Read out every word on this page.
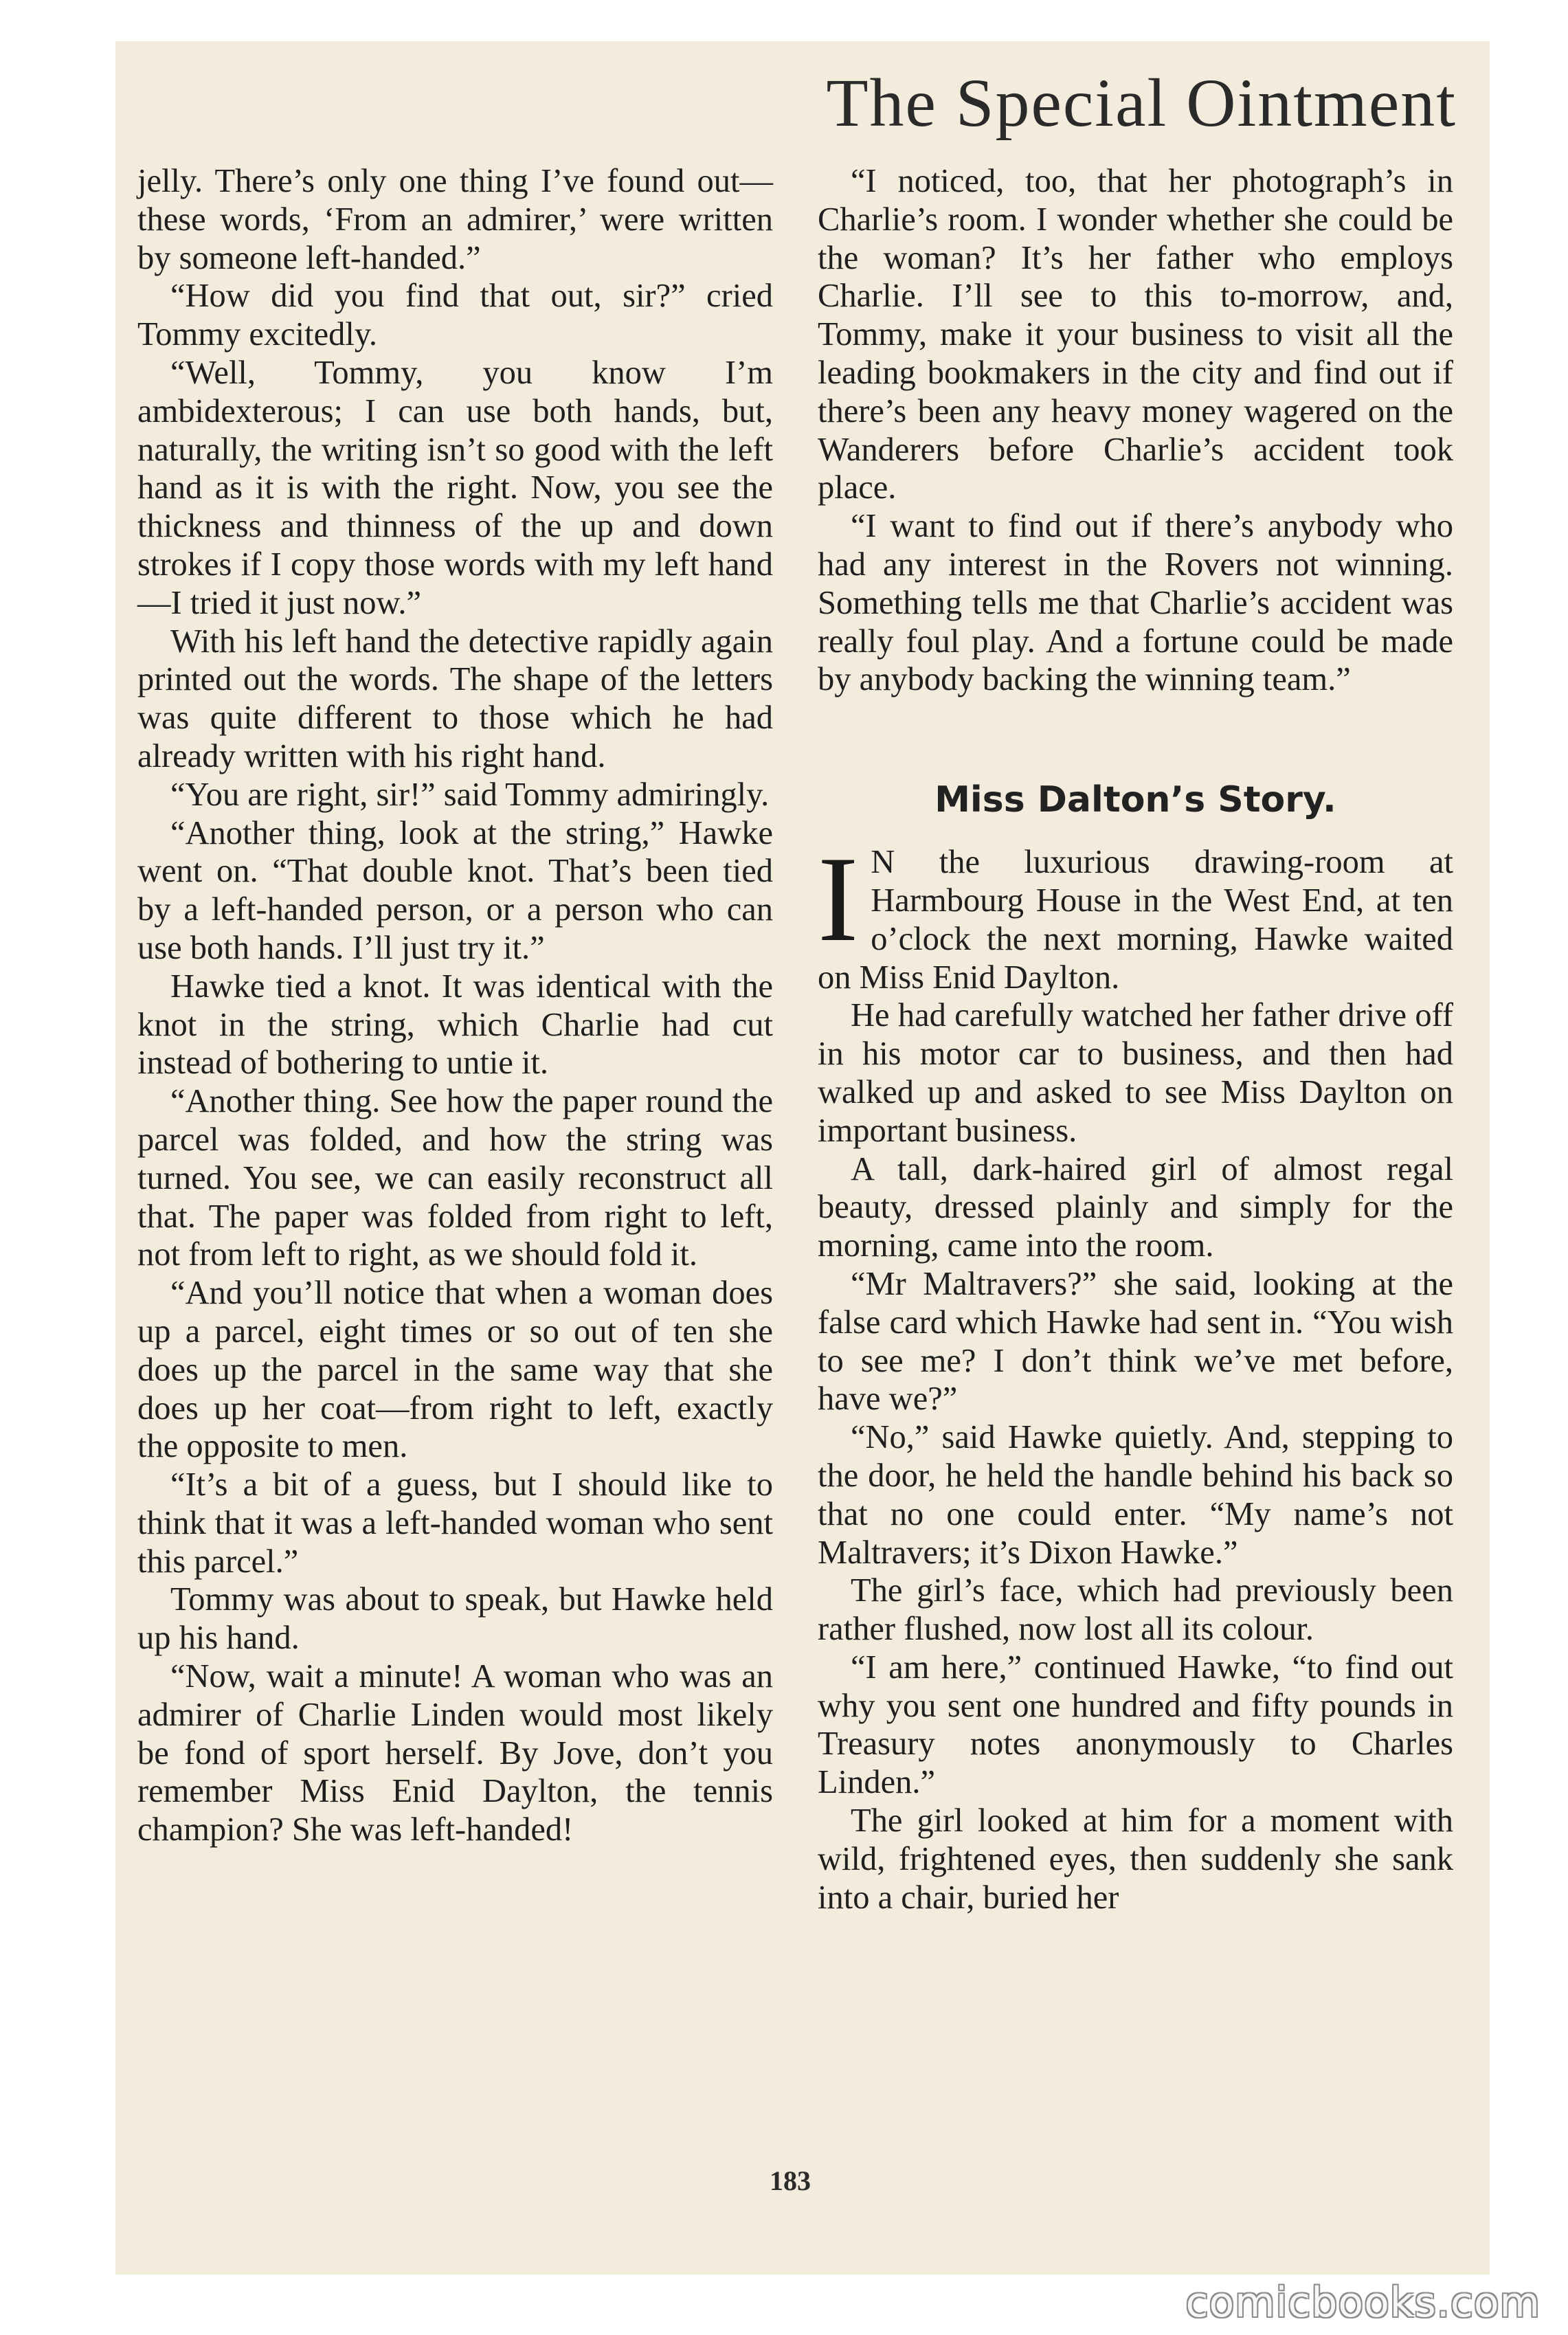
The Special Ointment

jelly. There’s only one thing I’ve found out—these words, ‘From an admirer,’ were written by someone left-handed.”

“How did you find that out, sir?” cried Tommy excitedly.

“Well, Tommy, you know I’m ambidexterous; I can use both hands, but, naturally, the writing isn’t so good with the left hand as it is with the right. Now, you see the thickness and thinness of the up and down strokes if I copy those words with my left hand—I tried it just now.”

With his left hand the detective rapidly again printed out the words. The shape of the letters was quite different to those which he had already written with his right hand.

“You are right, sir!” said Tommy admiringly.

“Another thing, look at the string,” Hawke went on. “That double knot. That’s been tied by a left-handed person, or a person who can use both hands. I’ll just try it.”

Hawke tied a knot. It was identical with the knot in the string, which Charlie had cut instead of bothering to untie it.

“Another thing. See how the paper round the parcel was folded, and how the string was turned. You see, we can easily reconstruct all that. The paper was folded from right to left, not from left to right, as we should fold it.

“And you’ll notice that when a woman does up a parcel, eight times or so out of ten she does up the parcel in the same way that she does up her coat—from right to left, exactly the opposite to men.

“It’s a bit of a guess, but I should like to think that it was a left-handed woman who sent this parcel.”

Tommy was about to speak, but Hawke held up his hand.

“Now, wait a minute! A woman who was an admirer of Charlie Linden would most likely be fond of sport herself. By Jove, don’t you remember Miss Enid Daylton, the tennis champion? She was left-handed!

“I noticed, too, that her photograph’s in Charlie’s room. I wonder whether she could be the woman? It’s her father who employs Charlie. I’ll see to this to-morrow, and, Tommy, make it your business to visit all the leading bookmakers in the city and find out if there’s been any heavy money wagered on the Wanderers before Charlie’s accident took place.

“I want to find out if there’s anybody who had any interest in the Rovers not winning. Something tells me that Charlie’s accident was really foul play. And a fortune could be made by anybody backing the winning team.”

Miss Dalton’s Story.

I N the luxurious drawing-room at Harmbourg House in the West End, at ten o’clock the next morning, Hawke waited on Miss Enid Daylton.

He had carefully watched her father drive off in his motor car to business, and then had walked up and asked to see Miss Daylton on important business.

A tall, dark-haired girl of almost regal beauty, dressed plainly and simply for the morning, came into the room.

“Mr Maltravers?” she said, looking at the false card which Hawke had sent in. “You wish to see me? I don’t think we’ve met before, have we?”

“No,” said Hawke quietly. And, stepping to the door, he held the handle behind his back so that no one could enter. “My name’s not Maltravers; it’s Dixon Hawke.”

The girl’s face, which had previously been rather flushed, now lost all its colour.

“I am here,” continued Hawke, “to find out why you sent one hundred and fifty pounds in Treasury notes anonymously to Charles Linden.”

The girl looked at him for a moment with wild, frightened eyes, then suddenly she sank into a chair, buried her

183
comicbooks.com
